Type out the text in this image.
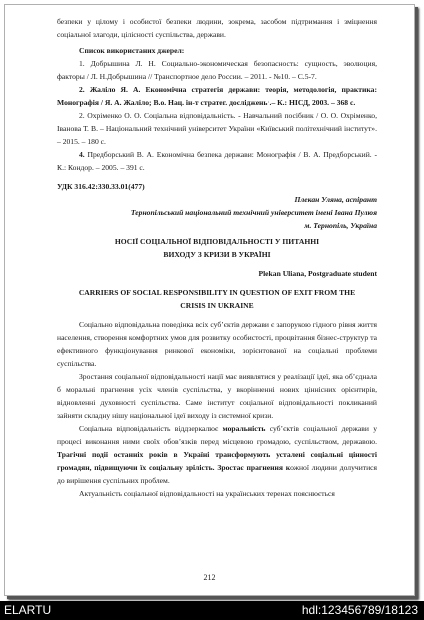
безпеки у цілому і особистої безпеки людини, зокрема, засобом підтримання і зміцнення соціальної злагоди, цілісності суспільства, держави.

Список використаних джерел:

1. Добрышина Л. Н. Социально-экономическая безопасность: сущность, эволюция, факторы / Л. Н.Добрышина // Транспортное дело России. – 2011. - №10. – С.5-7.

2. Жаліло Я. А. Економічна стратегія держави: теорія, методологія, практика: Монографія / Я. А. Жаліло; В.о. Нац. ін-т стратег. дослідженьˑ.– К.: НІСД, 2003. – 368 с.

2. Охріменко О. О. Соціальна відповідальність. - Навчальний посібник / О. О. Охріменко, Іванова Т. В. – Національний технічний університет України «Київський політехнічний інститут». – 2015. – 180 с.

4. Предборський В. А. Економічна безпека держави: Монографія / В. А. Предборський. - К.: Кондор. – 2005. – 391 с.

УДК 316.42:330.33.01(477)

Плекан Уляна, аспірант

Тернопільський національний технічний університет імені Івана Пулюя

м. Тернопіль, Україна

НОСІЇ СОЦІАЛЬНОЇ ВІДПОВІДАЛЬНОСТІ У ПИТАННІ

ВИХОДУ З КРИЗИ В УКРАЇНІ

Plekan Uliana, Postgraduate student

CARRIERS OF SOCIAL RESPONSIBILITY IN QUESTION OF EXIT FROM THE

CRISIS IN UKRAINE

Соціально відповідальна поведінка всіх суб’єктів держави є запорукою гідного рівня життя населення, створення комфортних умов для розвитку особистості, процвітання бізнес-структур та ефективного функціонування ринкової економіки, зорієнтованої на соціальні проблеми суспільства.

Зростання соціальної відповідальності нації має виявлятися у реалізації ідеї, яка об’єднала б моральні прагнення усіх членів суспільства, у вкорінненні нових ціннісних орієнтирів, відновленні духовності суспільства. Саме інститут соціальної відповідальності покликаний зайняти складну нішу національної ідеї виходу із системної кризи.

Соціальна відповідальність віддзеркалює моральність суб’єктів соціальної держави у процесі виконання ними своїх обов’язків перед місцевою громадою, суспільством, державою. Трагічні події останніх років в Україні трансформують усталені соціальні цінності громадян, підвищуючи їх соціальну зрілість. Зростає прагнення кожної людини долучитися до вирішення суспільних проблем.

Актуальність соціальної відповідальності на українських теренах пояснюється

212
ELARTU	hdl:123456789/18123
